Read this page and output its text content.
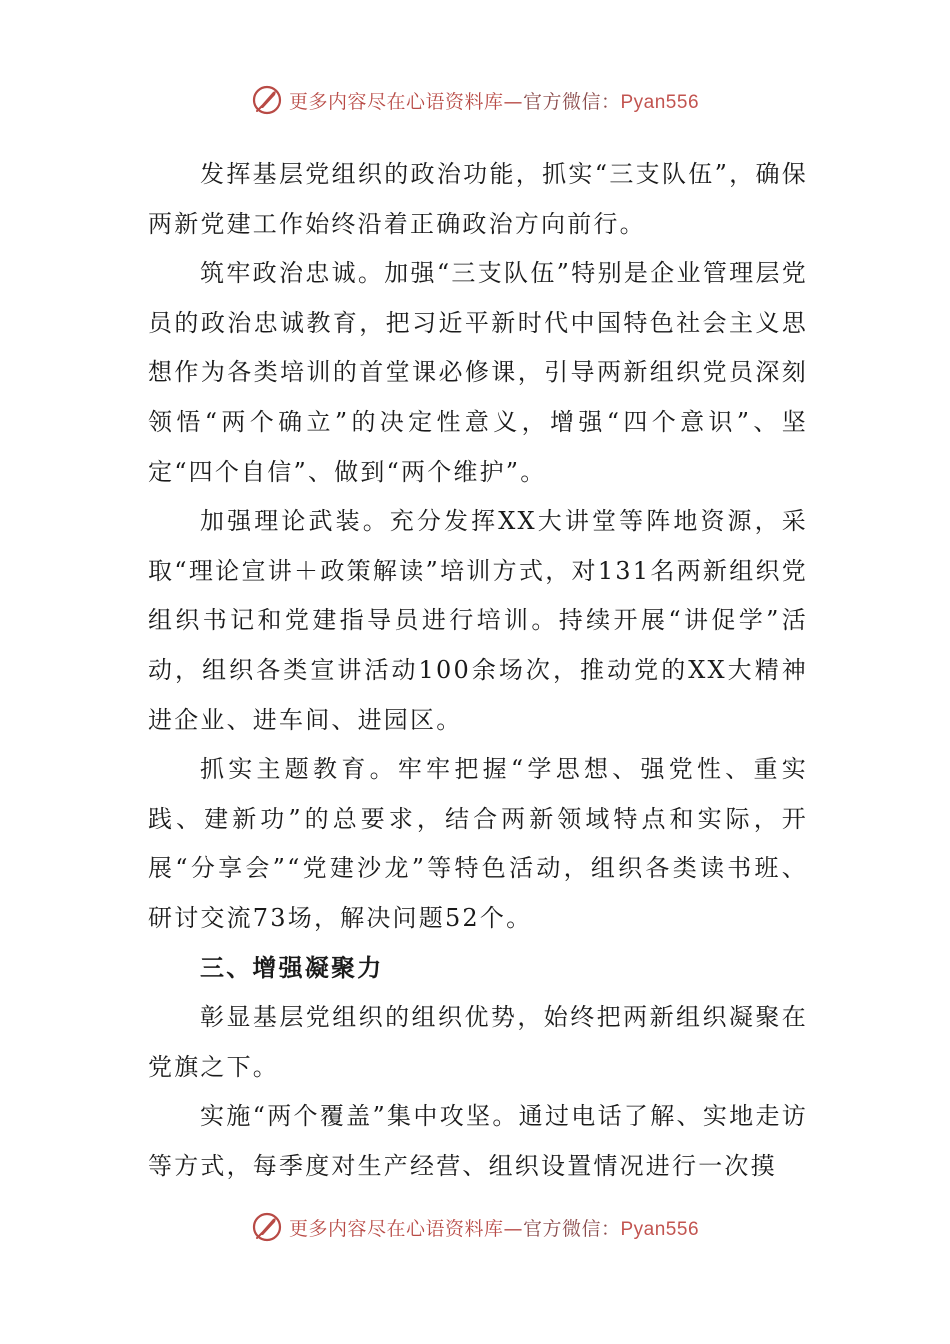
更多内容尽在心语资料库—官方微信：Pyan556

发挥基层党组织的政治功能，抓实“三支队伍”，确保两新党建工作始终沿着正确政治方向前行。

筑牢政治忠诚。加强“三支队伍”特别是企业管理层党员的政治忠诚教育，把习近平新时代中国特色社会主义思想作为各类培训的首堂课必修课，引导两新组织党员深刻领悟“两个确立”的决定性意义，增强“四个意识”、坚定“四个自信”、做到“两个维护”。

加强理论武装。充分发挥XX大讲堂等阵地资源，采取“理论宣讲＋政策解读”培训方式，对131名两新组织党组织书记和党建指导员进行培训。持续开展“讲促学”活动，组织各类宣讲活动100余场次，推动党的XX大精神进企业、进车间、进园区。

抓实主题教育。牢牢把握“学思想、强党性、重实践、建新功”的总要求，结合两新领域特点和实际，开展“分享会”“党建沙龙”等特色活动，组织各类读书班、研讨交流73场，解决问题52个。

三、增强凝聚力

彰显基层党组织的组织优势，始终把两新组织凝聚在党旗之下。

实施“两个覆盖”集中攻坚。通过电话了解、实地走访等方式，每季度对生产经营、组织设置情况进行一次摸

更多内容尽在心语资料库—官方微信：Pyan556
